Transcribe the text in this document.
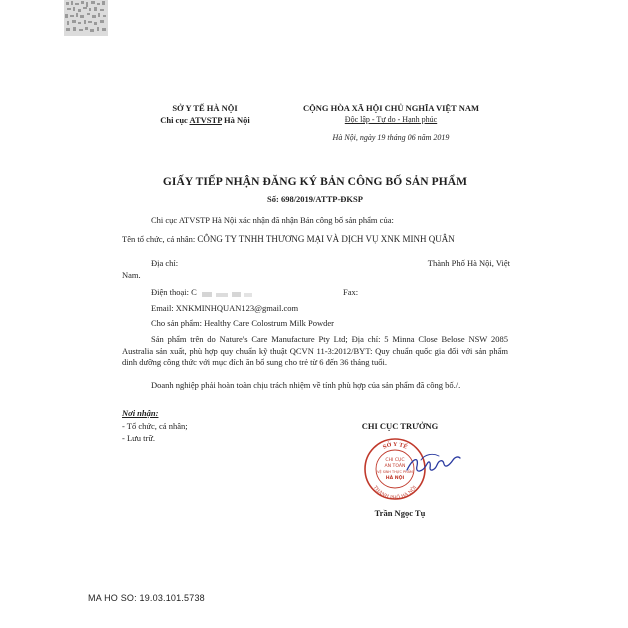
SỞ Y TẾ HÀ NỘI
Chi cục ATVSTP Hà Nội
CỘNG HÒA XÃ HỘI CHỦ NGHĨA VIỆT NAM
Độc lập - Tự do - Hạnh phúc
Hà Nội, ngày 19 tháng 06 năm 2019
GIẤY TIẾP NHẬN ĐĂNG KÝ BẢN CÔNG BỐ SẢN PHẨM
Số: 698/2019/ATTP-ĐKSP
Chi cục ATVSTP Hà Nội xác nhận đã nhận Bản công bố sản phẩm của:
Tên tổ chức, cá nhân: CÔNG TY TNHH THƯƠNG MẠI VÀ DỊCH VỤ XNK MINH QUÂN
Địa chỉ:	Thành Phố Hà Nội, Việt
Nam.
Điện thoại: C	Fax:
Email: XNKMINHQUAN123@gmail.com
Cho sản phẩm: Healthy Care Colostrum Milk Powder
Sản phẩm trên do Nature's Care Manufacture Pty Ltd; Địa chỉ: 5 Minna Close Belose NSW 2085 Australia sản xuất, phù hợp quy chuẩn kỹ thuật QCVN 11-3:2012/BYT: Quy chuẩn quốc gia đối với sản phẩm dinh dưỡng công thức với mục đích ăn bổ sung cho trẻ từ 6 đến 36 tháng tuổi.
Doanh nghiệp phải hoàn toàn chịu trách nhiệm về tính phù hợp của sản phẩm đã công bố./.
Nơi nhận:
- Tổ chức, cá nhân;
- Lưu trữ.
CHI CỤC TRƯỞNG
SỞ Y TẾ
THÀNH PHỐ HÀ NỘI
CHI CỤC
AN TOÀN
VỆ SINH THỰC PHẨM
HÀ NỘI
Trần Ngọc Tụ
MA HO SO: 19.03.101.5738
